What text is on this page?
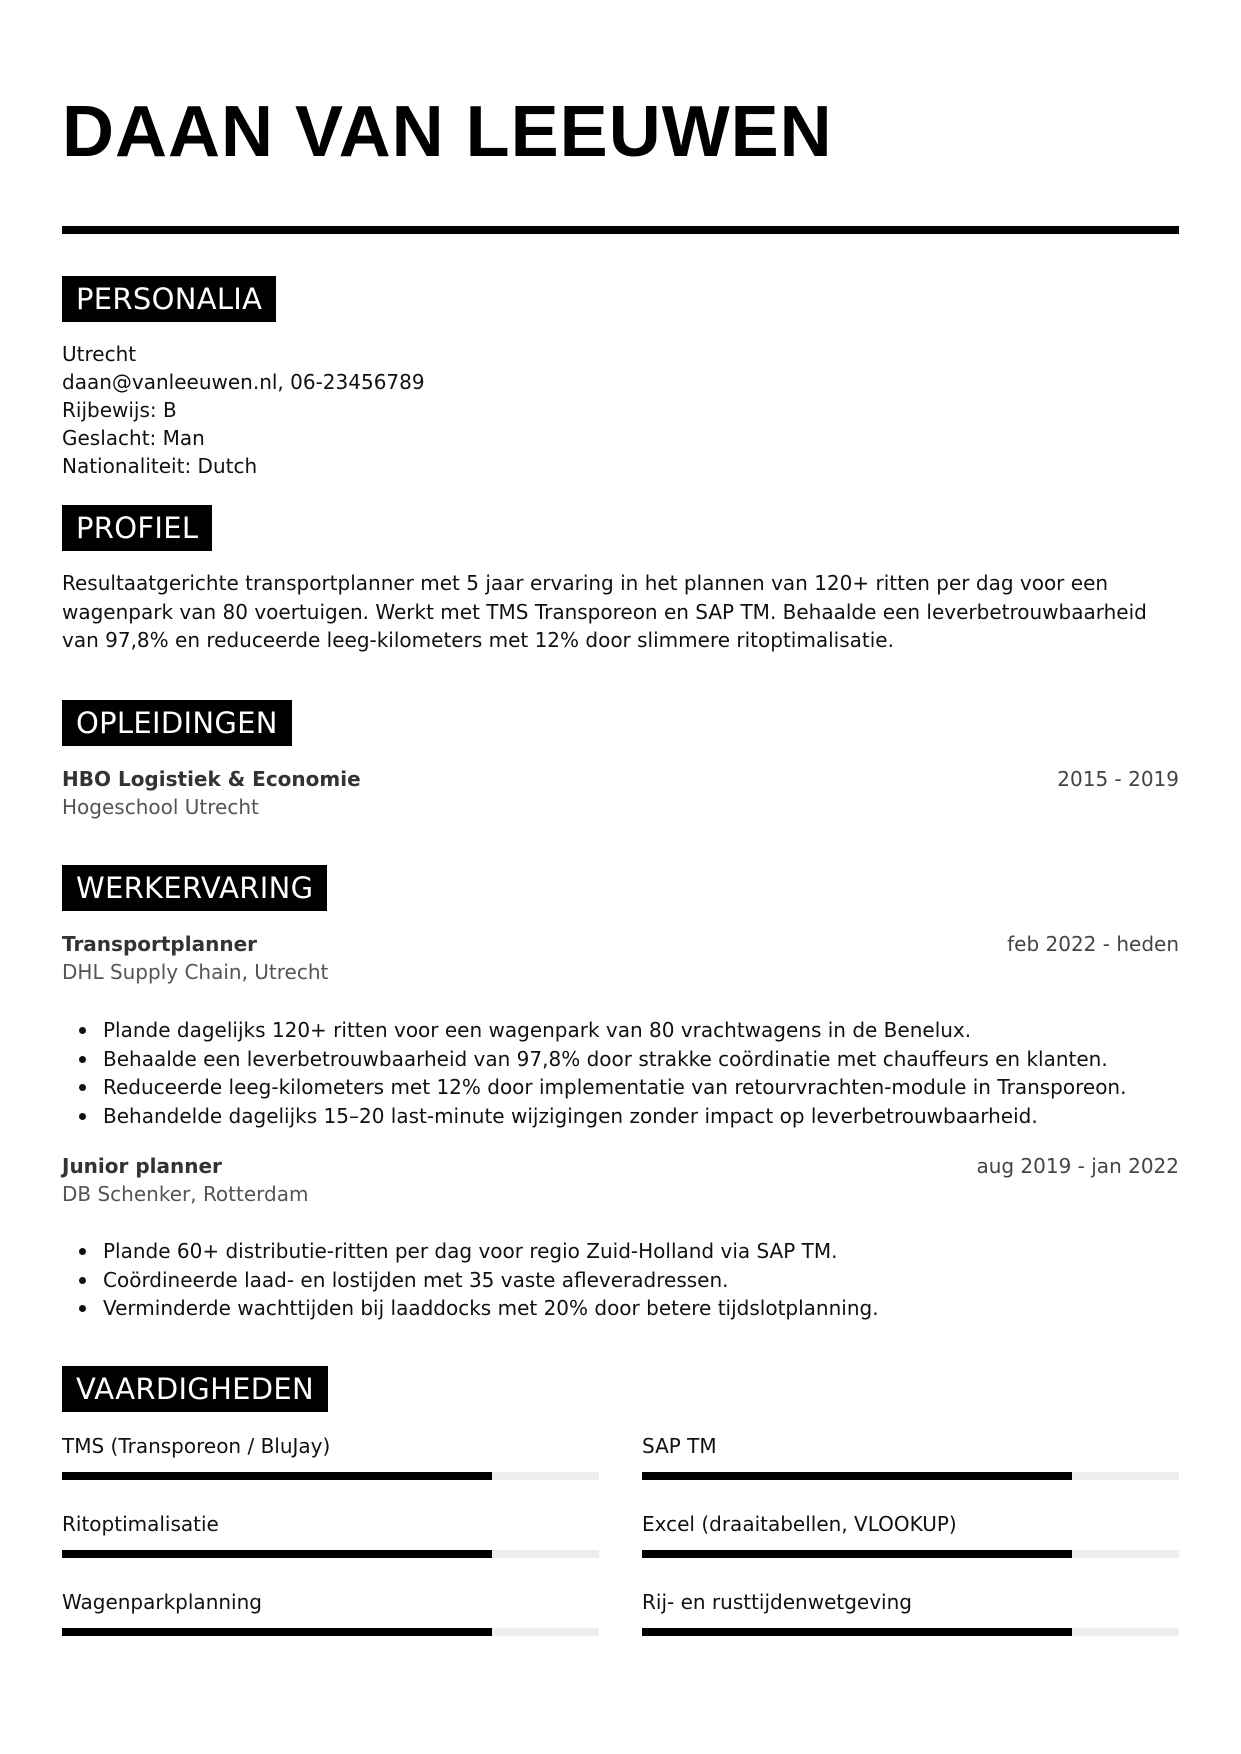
DAAN VAN LEEUWEN
PERSONALIA
Utrecht
daan@vanleeuwen.nl, 06-23456789
Rijbewijs: B
Geslacht: Man
Nationaliteit: Dutch
PROFIEL
Resultaatgerichte transportplanner met 5 jaar ervaring in het plannen van 120+ ritten per dag voor een
wagenpark van 80 voertuigen. Werkt met TMS Transporeon en SAP TM. Behaalde een leverbetrouwbaarheid
van 97,8% en reduceerde leeg-kilometers met 12% door slimmere ritoptimalisatie.
OPLEIDINGEN
HBO Logistiek & Economie
Hogeschool Utrecht
2015 - 2019
WERKERVARING
Transportplanner
DHL Supply Chain, Utrecht
feb 2022 - heden
Plande dagelijks 120+ ritten voor een wagenpark van 80 vrachtwagens in de Benelux.
Behaalde een leverbetrouwbaarheid van 97,8% door strakke coördinatie met chauffeurs en klanten.
Reduceerde leeg-kilometers met 12% door implementatie van retourvrachten-module in Transporeon.
Behandelde dagelijks 15–20 last-minute wijzigingen zonder impact op leverbetrouwbaarheid.
Junior planner
DB Schenker, Rotterdam
aug 2019 - jan 2022
Plande 60+ distributie-ritten per dag voor regio Zuid-Holland via SAP TM.
Coördineerde laad- en lostijden met 35 vaste afleveradressen.
Verminderde wachttijden bij laaddocks met 20% door betere tijdslotplanning.
VAARDIGHEDEN
TMS (Transporeon / BluJay)	SAP TM
Ritoptimalisatie	Excel (draaitabellen, VLOOKUP)
Wagenparkplanning	Rij- en rusttijdenwetgeving
